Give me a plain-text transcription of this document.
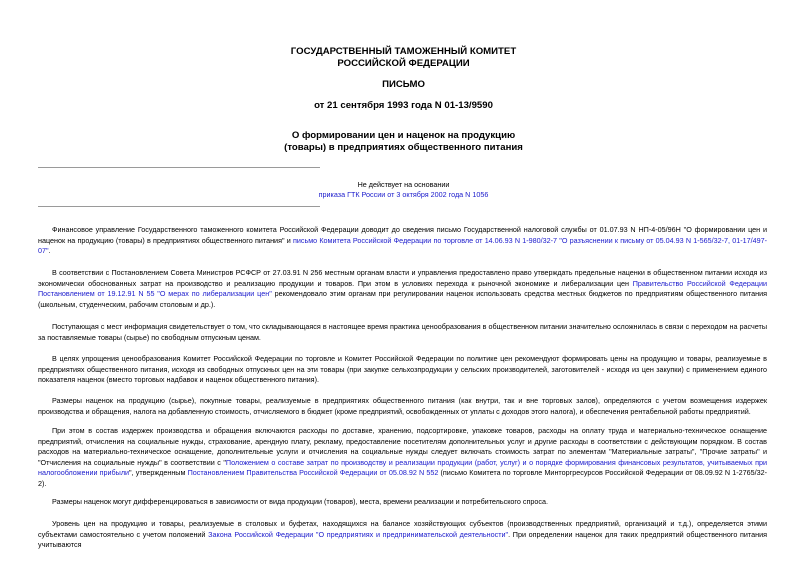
ГОСУДАРСТВЕННЫЙ ТАМОЖЕННЫЙ КОМИТЕТ
РОССИЙСКОЙ ФЕДЕРАЦИИ
ПИСЬМО
от 21 сентября 1993 года N 01-13/9590
О формировании цен и наценок на продукцию
(товары) в предприятиях общественного питания
Не действует на основании
приказа ГТК России от 3 октября 2002 года N 1056

Финансовое управление Государственного таможенного комитета Российской Федерации доводит до сведения письмо Государственной налоговой службы от 01.07.93 N НП-4-05/96Н "О формировании цен и наценок на продукцию (товары) в предприятиях общественного питания" и письмо Комитета Российской Федерации по торговле от 14.06.93 N 1-980/32-7 "О разъяснении к письму от 05.04.93 N 1-565/32-7, 01-17/497-07".

В соответствии с Постановлением Совета Министров РСФСР от 27.03.91 N 256 местным органам власти и управления предоставлено право утверждать предельные наценки в общественном питании исходя из экономически обоснованных затрат на производство и реализацию продукции и товаров. При этом в условиях перехода к рыночной экономике и либерализации цен Правительство Российской Федерации Постановлением от 19.12.91 N 55 "О мерах по либерализации цен" рекомендовало этим органам при регулировании наценок использовать средства местных бюджетов по предприятиям общественного питания (школьным, студенческим, рабочим столовым и др.).

Поступающая с мест информация свидетельствует о том, что складывающаяся в настоящее время практика ценообразования в общественном питании значительно осложнилась в связи с переходом на расчеты за поставляемые товары (сырье) по свободным отпускным ценам.

В целях упрощения ценообразования Комитет Российской Федерации по торговле и Комитет Российской Федерации по политике цен рекомендуют формировать цены на продукцию и товары, реализуемые в предприятиях общественного питания, исходя из свободных отпускных цен на эти товары (при закупке сельхозпродукции у сельских производителей, заготовителей - исходя из цен закупки) с применением единого показателя наценок (вместо торговых надбавок и наценок общественного питания).

Размеры наценок на продукцию (сырье), покупные товары, реализуемые в предприятиях общественного питания (как внутри, так и вне торговых залов), определяются с учетом возмещения издержек производства и обращения, налога на добавленную стоимость, отчисляемого в бюджет (кроме предприятий, освобожденных от уплаты с доходов этого налога), и обеспечения рентабельной работы предприятий.

При этом в состав издержек производства и обращения включаются расходы по доставке, хранению, подсортировке, упаковке товаров, расходы на оплату труда и материально-техническое оснащение предприятий, отчисления на социальные нужды, страхование, арендную плату, рекламу, предоставление посетителям дополнительных услуг и другие расходы в соответствии с действующим порядком. В состав расходов на материально-техническое оснащение, дополнительные услуги и отчисления на социальные нужды следует включать стоимость затрат по элементам "Материальные затраты", "Прочие затраты" и "Отчисления на социальные нужды" в соответствии с "Положением о составе затрат по производству и реализации продукции (работ, услуг) и о порядке формирования финансовых результатов, учитываемых при налогообложении прибыли", утвержденным Постановлением Правительства Российской Федерации от 05.08.92 N 552 (письмо Комитета по торговле Минторгресурсов Российской Федерации от 08.09.92 N 1-2765/32-2).

Размеры наценок могут дифференцироваться в зависимости от вида продукции (товаров), места, времени реализации и потребительского спроса.

Уровень цен на продукцию и товары, реализуемые в столовых и буфетах, находящихся на балансе хозяйствующих субъектов (производственных предприятий, организаций и т.д.), определяется этими субъектами самостоятельно с учетом положений Закона Российской Федерации "О предприятиях и предпринимательской деятельности". При определении наценок для таких предприятий общественного питания учитываются
